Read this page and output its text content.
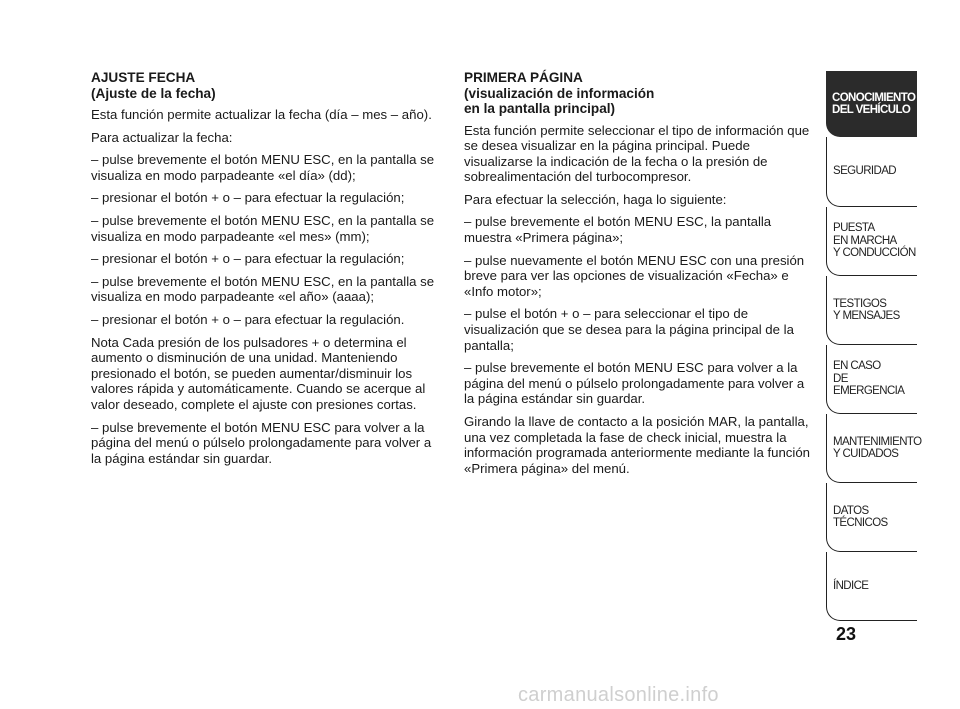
AJUSTE FECHA
(Ajuste de la fecha)

Esta función permite actualizar la fecha (día – mes – año).

Para actualizar la fecha:

– pulse brevemente el botón MENU ESC, en la pantalla se visualiza en modo parpadeante «el día» (dd);

– presionar el botón + o – para efectuar la regulación;

– pulse brevemente el botón MENU ESC, en la pantalla se visualiza en modo parpadeante «el mes» (mm);

– presionar el botón + o – para efectuar la regulación;

– pulse brevemente el botón MENU ESC, en la pantalla se visualiza en modo parpadeante «el año» (aaaa);

– presionar el botón + o – para efectuar la regulación.

Nota Cada presión de los pulsadores + o determina el aumento o disminución de una unidad. Manteniendo presionado el botón, se pueden aumentar/disminuir los valores rápida y automáticamente. Cuando se acerque al valor deseado, complete el ajuste con presiones cortas.

– pulse brevemente el botón MENU ESC para volver a la página del menú o púlselo prolongadamente para volver a la página estándar sin guardar.

PRIMERA PÁGINA
(visualización de información
en la pantalla principal)

Esta función permite seleccionar el tipo de información que se desea visualizar en la página principal. Puede visualizarse la indicación de la fecha o la presión de sobrealimentación del turbocompresor.

Para efectuar la selección, haga lo siguiente:

– pulse brevemente el botón MENU ESC, la pantalla muestra «Primera página»;

– pulse nuevamente el botón MENU ESC con una presión breve para ver las opciones de visualización «Fecha» e «Info motor»;

– pulse el botón + o – para seleccionar el tipo de visualización que se desea para la página principal de la pantalla;

– pulse brevemente el botón MENU ESC para volver a la página del menú o púlselo prolongadamente para volver a la página estándar sin guardar.

Girando la llave de contacto a la posición MAR, la pantalla, una vez completada la fase de check inicial, muestra la información programada anteriormente mediante la función «Primera página» del menú.

CONOCIMIENTO
DEL VEHÍCULO
SEGURIDAD
PUESTA
EN MARCHA
Y CONDUCCIÓN
TESTIGOS
Y MENSAJES
EN CASO
DE EMERGENCIA
MANTENIMIENTO
Y CUIDADOS
DATOS TÉCNICOS
ÍNDICE
23
carmanualsonline.info
